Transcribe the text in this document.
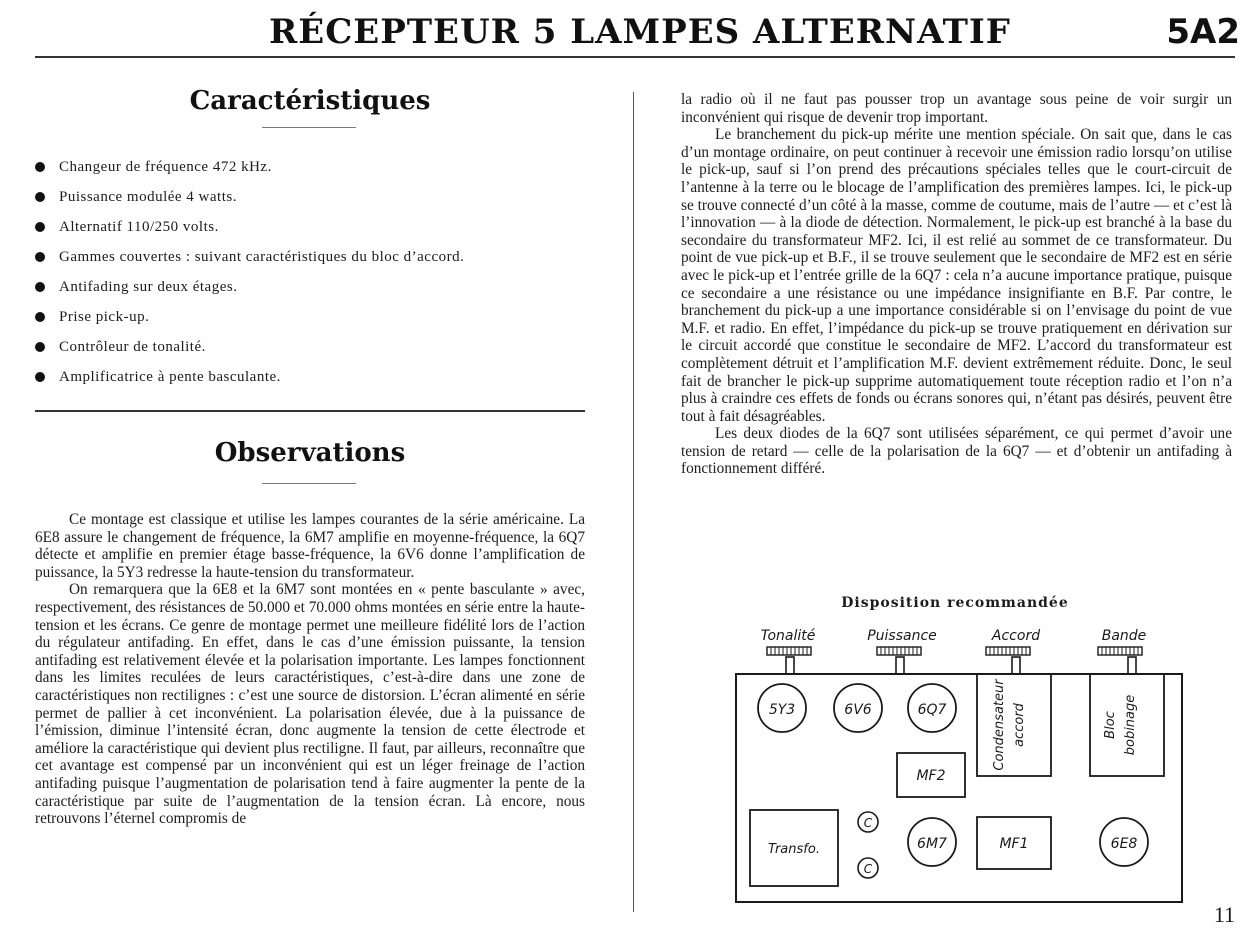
RÉCEPTEUR 5 LAMPES ALTERNATIF	5A2
Caractéristiques
Changeur de fréquence 472 kHz.
Puissance modulée 4 watts.
Alternatif 110/250 volts.
Gammes couvertes : suivant caractéristiques du bloc d’accord.
Antifading sur deux étages.
Prise pick-up.
Contrôleur de tonalité.
Amplificatrice à pente basculante.
Observations

Ce montage est classique et utilise les lampes courantes de la série américaine. La 6E8 assure le changement de fréquence, la 6M7 amplifie en moyenne-fréquence, la 6Q7 détecte et amplifie en premier étage basse-fréquence, la 6V6 donne l’amplification de puissance, la 5Y3 redresse la haute-tension du transformateur.

On remarquera que la 6E8 et la 6M7 sont montées en « pente basculante » avec, respectivement, des résistances de 50.000 et 70.000 ohms montées en série entre la haute-tension et les écrans. Ce genre de montage permet une meilleure fidélité lors de l’action du régulateur antifading. En effet, dans le cas d’une émission puissante, la tension antifading est relativement élevée et la polarisation importante. Les lampes fonctionnent dans les limites reculées de leurs caractéristiques, c’est-à-dire dans une zone de caractéristiques non rectilignes : c’est une source de distorsion. L’écran alimenté en série permet de pallier à cet inconvénient. La polarisation élevée, due à la puissance de l’émission, diminue l’intensité écran, donc augmente la tension de cette électrode et améliore la caractéristique qui devient plus rectiligne. Il faut, par ailleurs, reconnaître que cet avantage est compensé par un inconvénient qui est un léger freinage de l’action antifading puisque l’augmentation de polarisation tend à faire augmenter la pente de la caractéristique par suite de l’augmentation de la tension écran. Là encore, nous retrouvons l’éternel compromis de

la radio où il ne faut pas pousser trop un avantage sous peine de voir surgir un inconvénient qui risque de devenir trop important.

Le branchement du pick-up mérite une mention spéciale. On sait que, dans le cas d’un montage ordinaire, on peut continuer à recevoir une émission radio lorsqu’on utilise le pick-up, sauf si l’on prend des précautions spéciales telles que le court-circuit de l’antenne à la terre ou le blocage de l’amplification des premières lampes. Ici, le pick-up se trouve connecté d’un côté à la masse, comme de coutume, mais de l’autre — et c’est là l’innovation — à la diode de détection. Normalement, le pick-up est branché à la base du secondaire du transformateur MF2. Ici, il est relié au sommet de ce transformateur. Du point de vue pick-up et B.F., il se trouve seulement que le secondaire de MF2 est en série avec le pick-up et l’entrée grille de la 6Q7 : cela n’a aucune importance pratique, puisque ce secondaire a une résistance ou une impédance insignifiante en B.F. Par contre, le branchement du pick-up a une importance considérable si on l’envisage du point de vue M.F. et radio. En effet, l’impédance du pick-up se trouve pratiquement en dérivation sur le circuit accordé que constitue le secondaire de MF2. L’accord du transformateur est complètement détruit et l’amplification M.F. devient extrêmement réduite. Donc, le seul fait de brancher le pick-up supprime automatiquement toute réception radio et l’on n’a plus à craindre ces effets de fonds ou écrans sonores qui, n’étant pas désirés, peuvent être tout à fait désagréables.

Les deux diodes de la 6Q7 sont utilisées séparément, ce qui permet d’avoir une tension de retard — celle de la polarisation de la 6Q7 — et d’obtenir un antifading à fonctionnement différé.

Disposition recommandée
Tonalité	Puissance	Accord	Bande
5Y3	6V6	6Q7	Condensateur accord	Bloc bobinage
MF2
Transfo.
C
C
6M7	MF1	6E8
11
